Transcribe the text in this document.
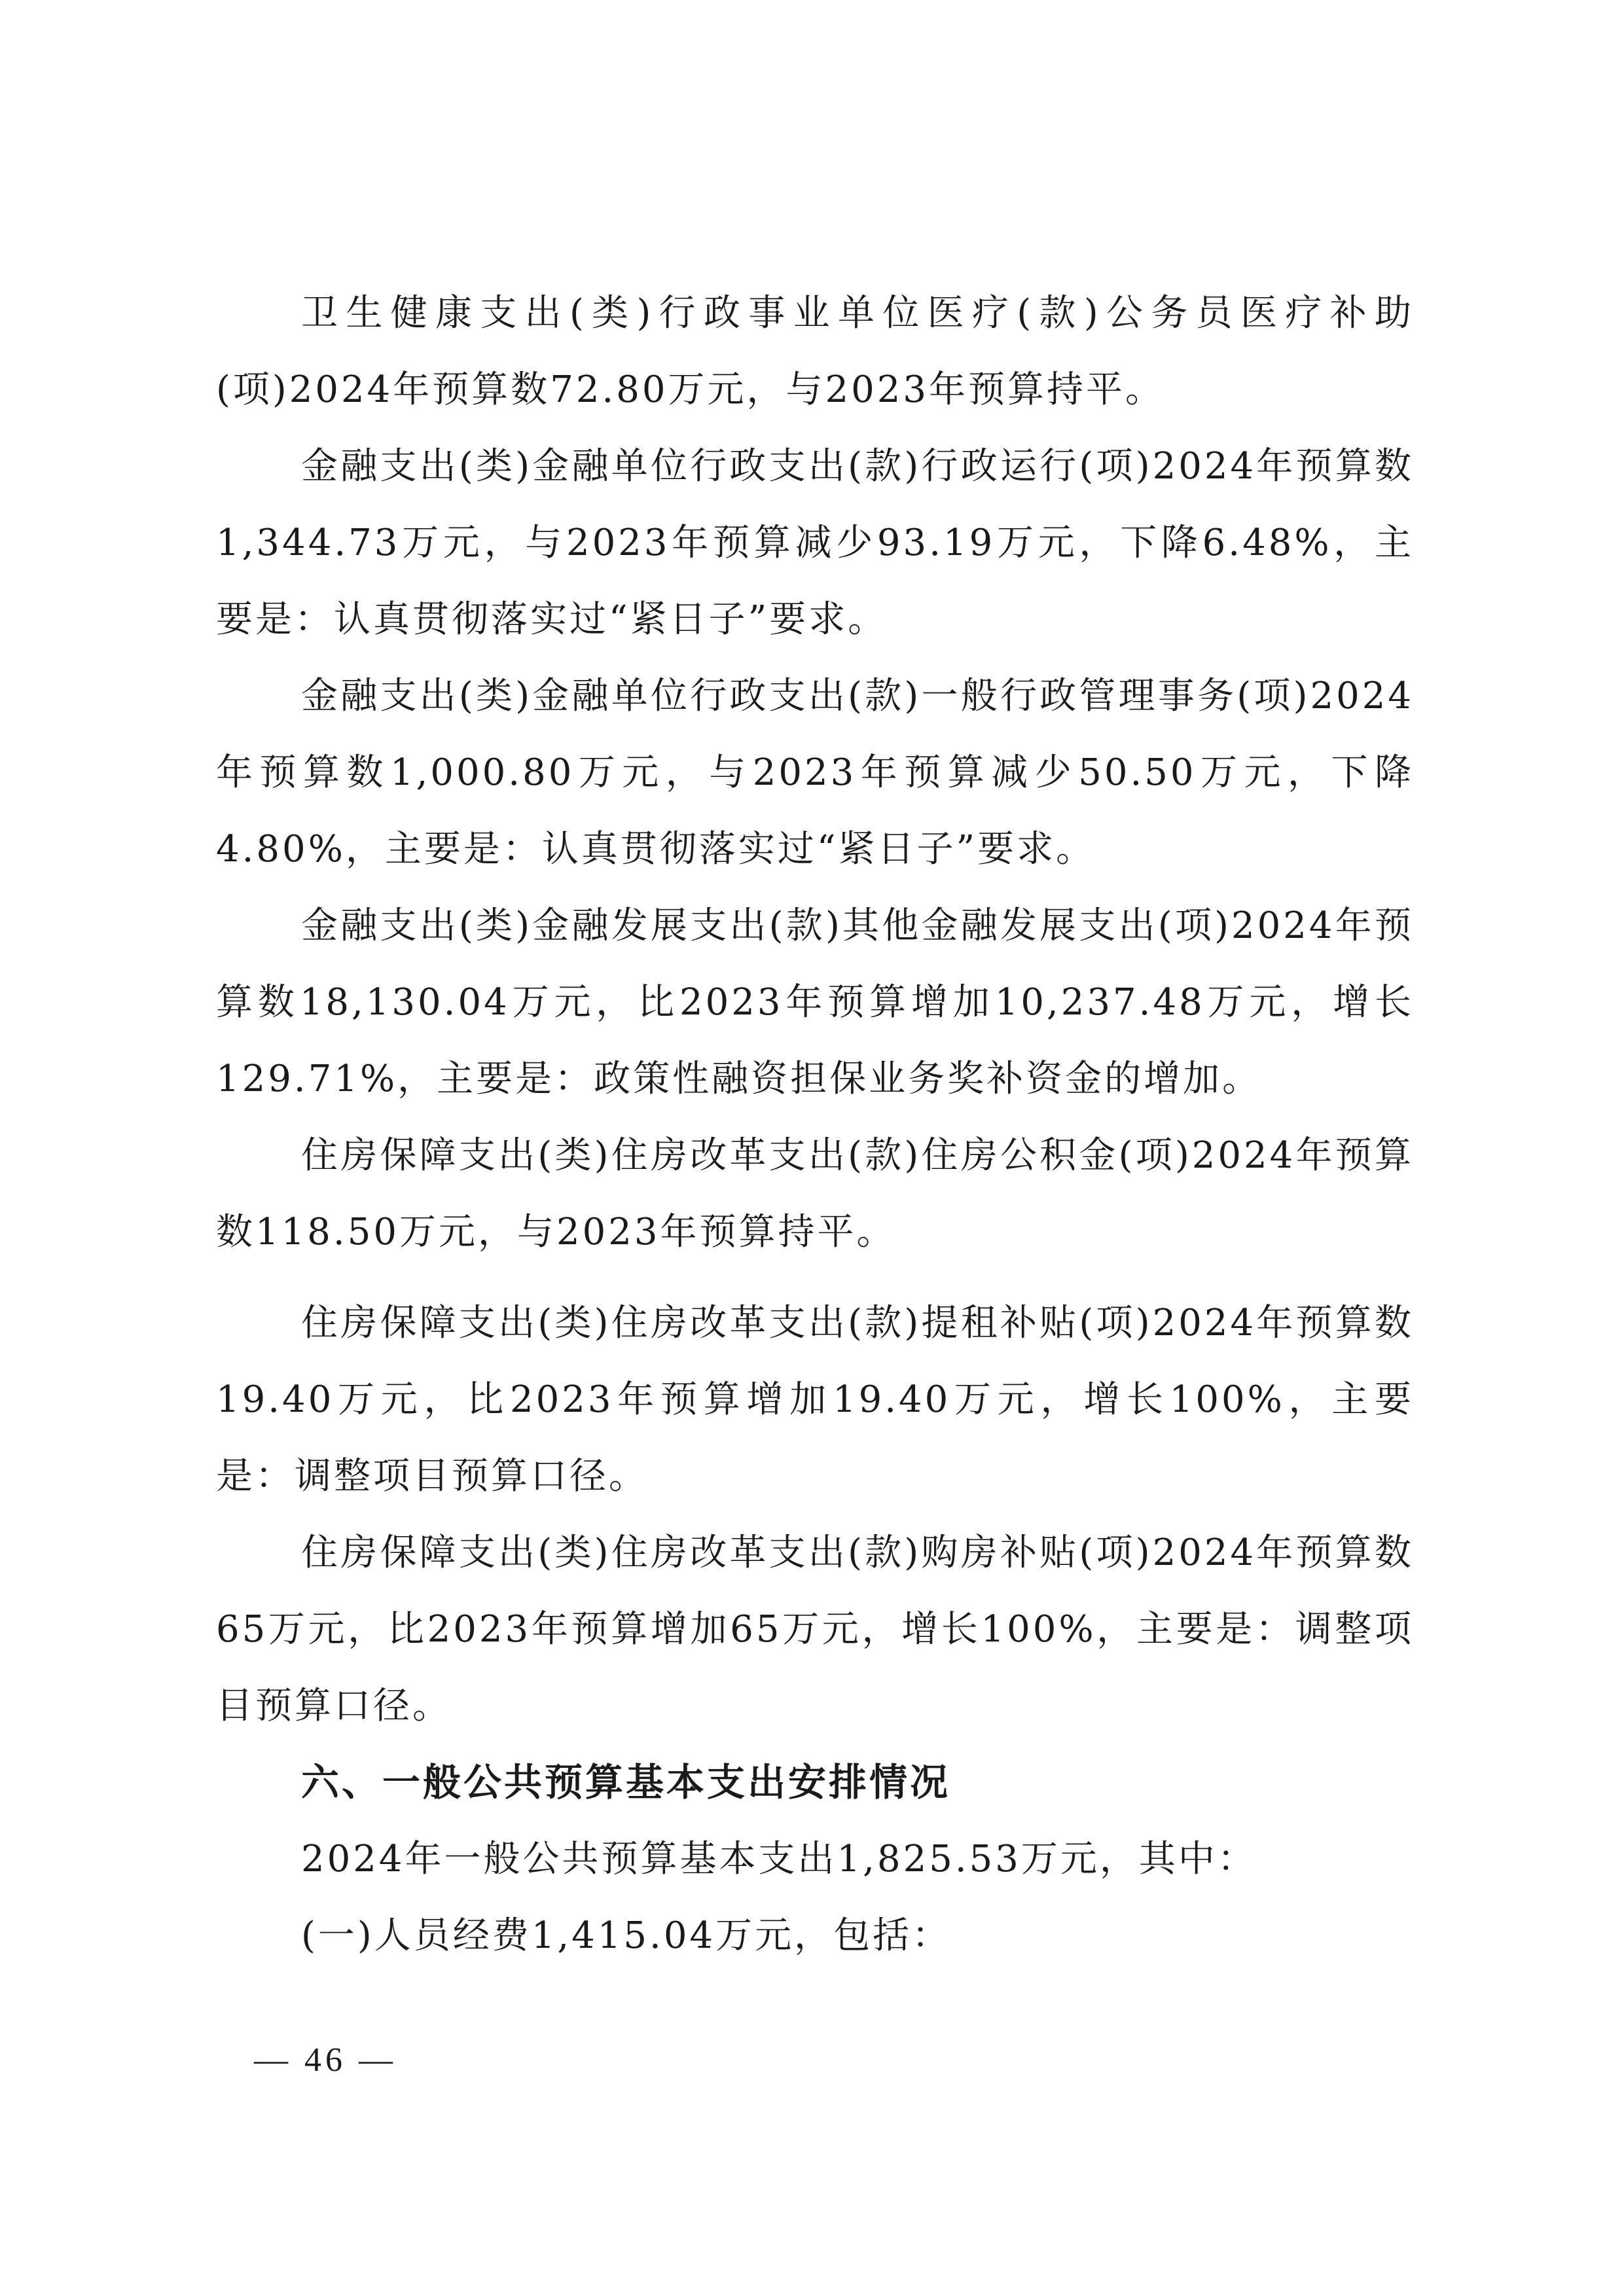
卫生健康支出(类)行政事业单位医疗(款)公务员医疗补助(项)2024年预算数72.80万元，与2023年预算持平。

金融支出(类)金融单位行政支出(款)行政运行(项)2024年预算数1,344.73万元，与2023年预算减少93.19万元，下降6.48%，主要是：认真贯彻落实过“紧日子”要求。

金融支出(类)金融单位行政支出(款)一般行政管理事务(项)2024年预算数1,000.80万元，与2023年预算减少50.50万元，下降4.80%，主要是：认真贯彻落实过“紧日子”要求。

金融支出(类)金融发展支出(款)其他金融发展支出(项)2024年预算数18,130.04万元，比2023年预算增加10,237.48万元，增长129.71%，主要是：政策性融资担保业务奖补资金的增加。

住房保障支出(类)住房改革支出(款)住房公积金(项)2024年预算数118.50万元，与2023年预算持平。

住房保障支出(类)住房改革支出(款)提租补贴(项)2024年预算数19.40万元，比2023年预算增加19.40万元，增长100%，主要是：调整项目预算口径。

住房保障支出(类)住房改革支出(款)购房补贴(项)2024年预算数65万元，比2023年预算增加65万元，增长100%，主要是：调整项目预算口径。

六、一般公共预算基本支出安排情况

2024年一般公共预算基本支出1,825.53万元，其中：

(一)人员经费1,415.04万元，包括：

— 46 —
